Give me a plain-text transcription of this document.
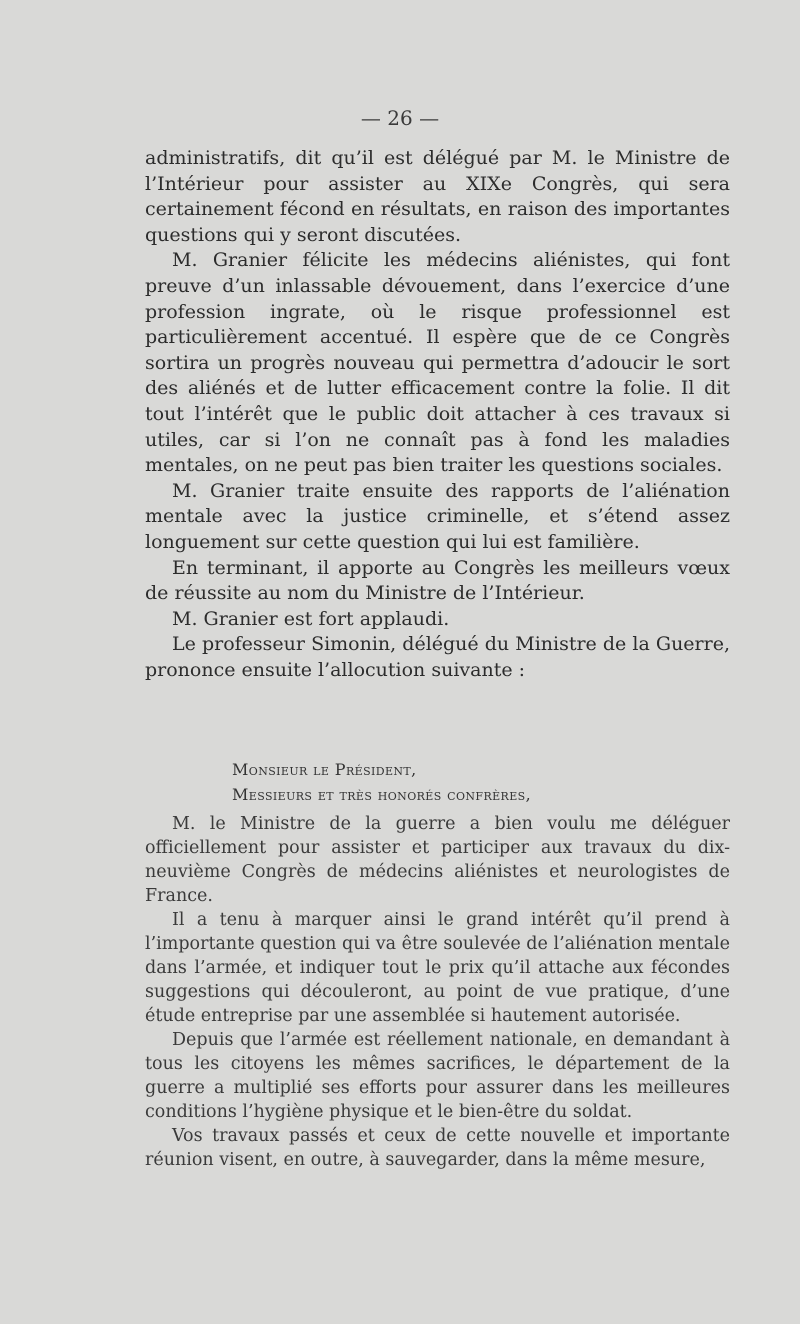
— 26 —

administratifs, dit qu’il est délégué par M. le Ministre de l’Intérieur pour assister au XIXe Congrès, qui sera certainement fécond en résultats, en raison des importantes questions qui y seront discutées.

M. Granier félicite les médecins aliénistes, qui font preuve d’un inlassable dévouement, dans l’exercice d’une profession ingrate, où le risque professionnel est particulièrement accentué. Il espère que de ce Congrès sortira un progrès nouveau qui permettra d’adoucir le sort des aliénés et de lutter efficacement contre la folie. Il dit tout l’intérêt que le public doit attacher à ces travaux si utiles, car si l’on ne connaît pas à fond les maladies mentales, on ne peut pas bien traiter les questions sociales.

M. Granier traite ensuite des rapports de l’aliénation mentale avec la justice criminelle, et s’étend assez longuement sur cette question qui lui est familière.

En terminant, il apporte au Congrès les meilleurs vœux de réussite au nom du Ministre de l’Intérieur.

M. Granier est fort applaudi.

Le professeur Simonin, délégué du Ministre de la Guerre, prononce ensuite l’allocution suivante :

Monsieur le Président,
Messieurs et très honorés confrères,

M. le Ministre de la guerre a bien voulu me déléguer officiellement pour assister et participer aux travaux du dix-neuvième Congrès de médecins aliénistes et neurologistes de France.

Il a tenu à marquer ainsi le grand intérêt qu’il prend à l’importante question qui va être soulevée de l’aliénation mentale dans l’armée, et indiquer tout le prix qu’il attache aux fécondes suggestions qui découleront, au point de vue pratique, d’une étude entreprise par une assemblée si hautement autorisée.

Depuis que l’armée est réellement nationale, en demandant à tous les citoyens les mêmes sacrifices, le département de la guerre a multiplié ses efforts pour assurer dans les meilleures conditions l’hygiène physique et le bien-être du soldat.

Vos travaux passés et ceux de cette nouvelle et importante réunion visent, en outre, à sauvegarder, dans la même mesure,
